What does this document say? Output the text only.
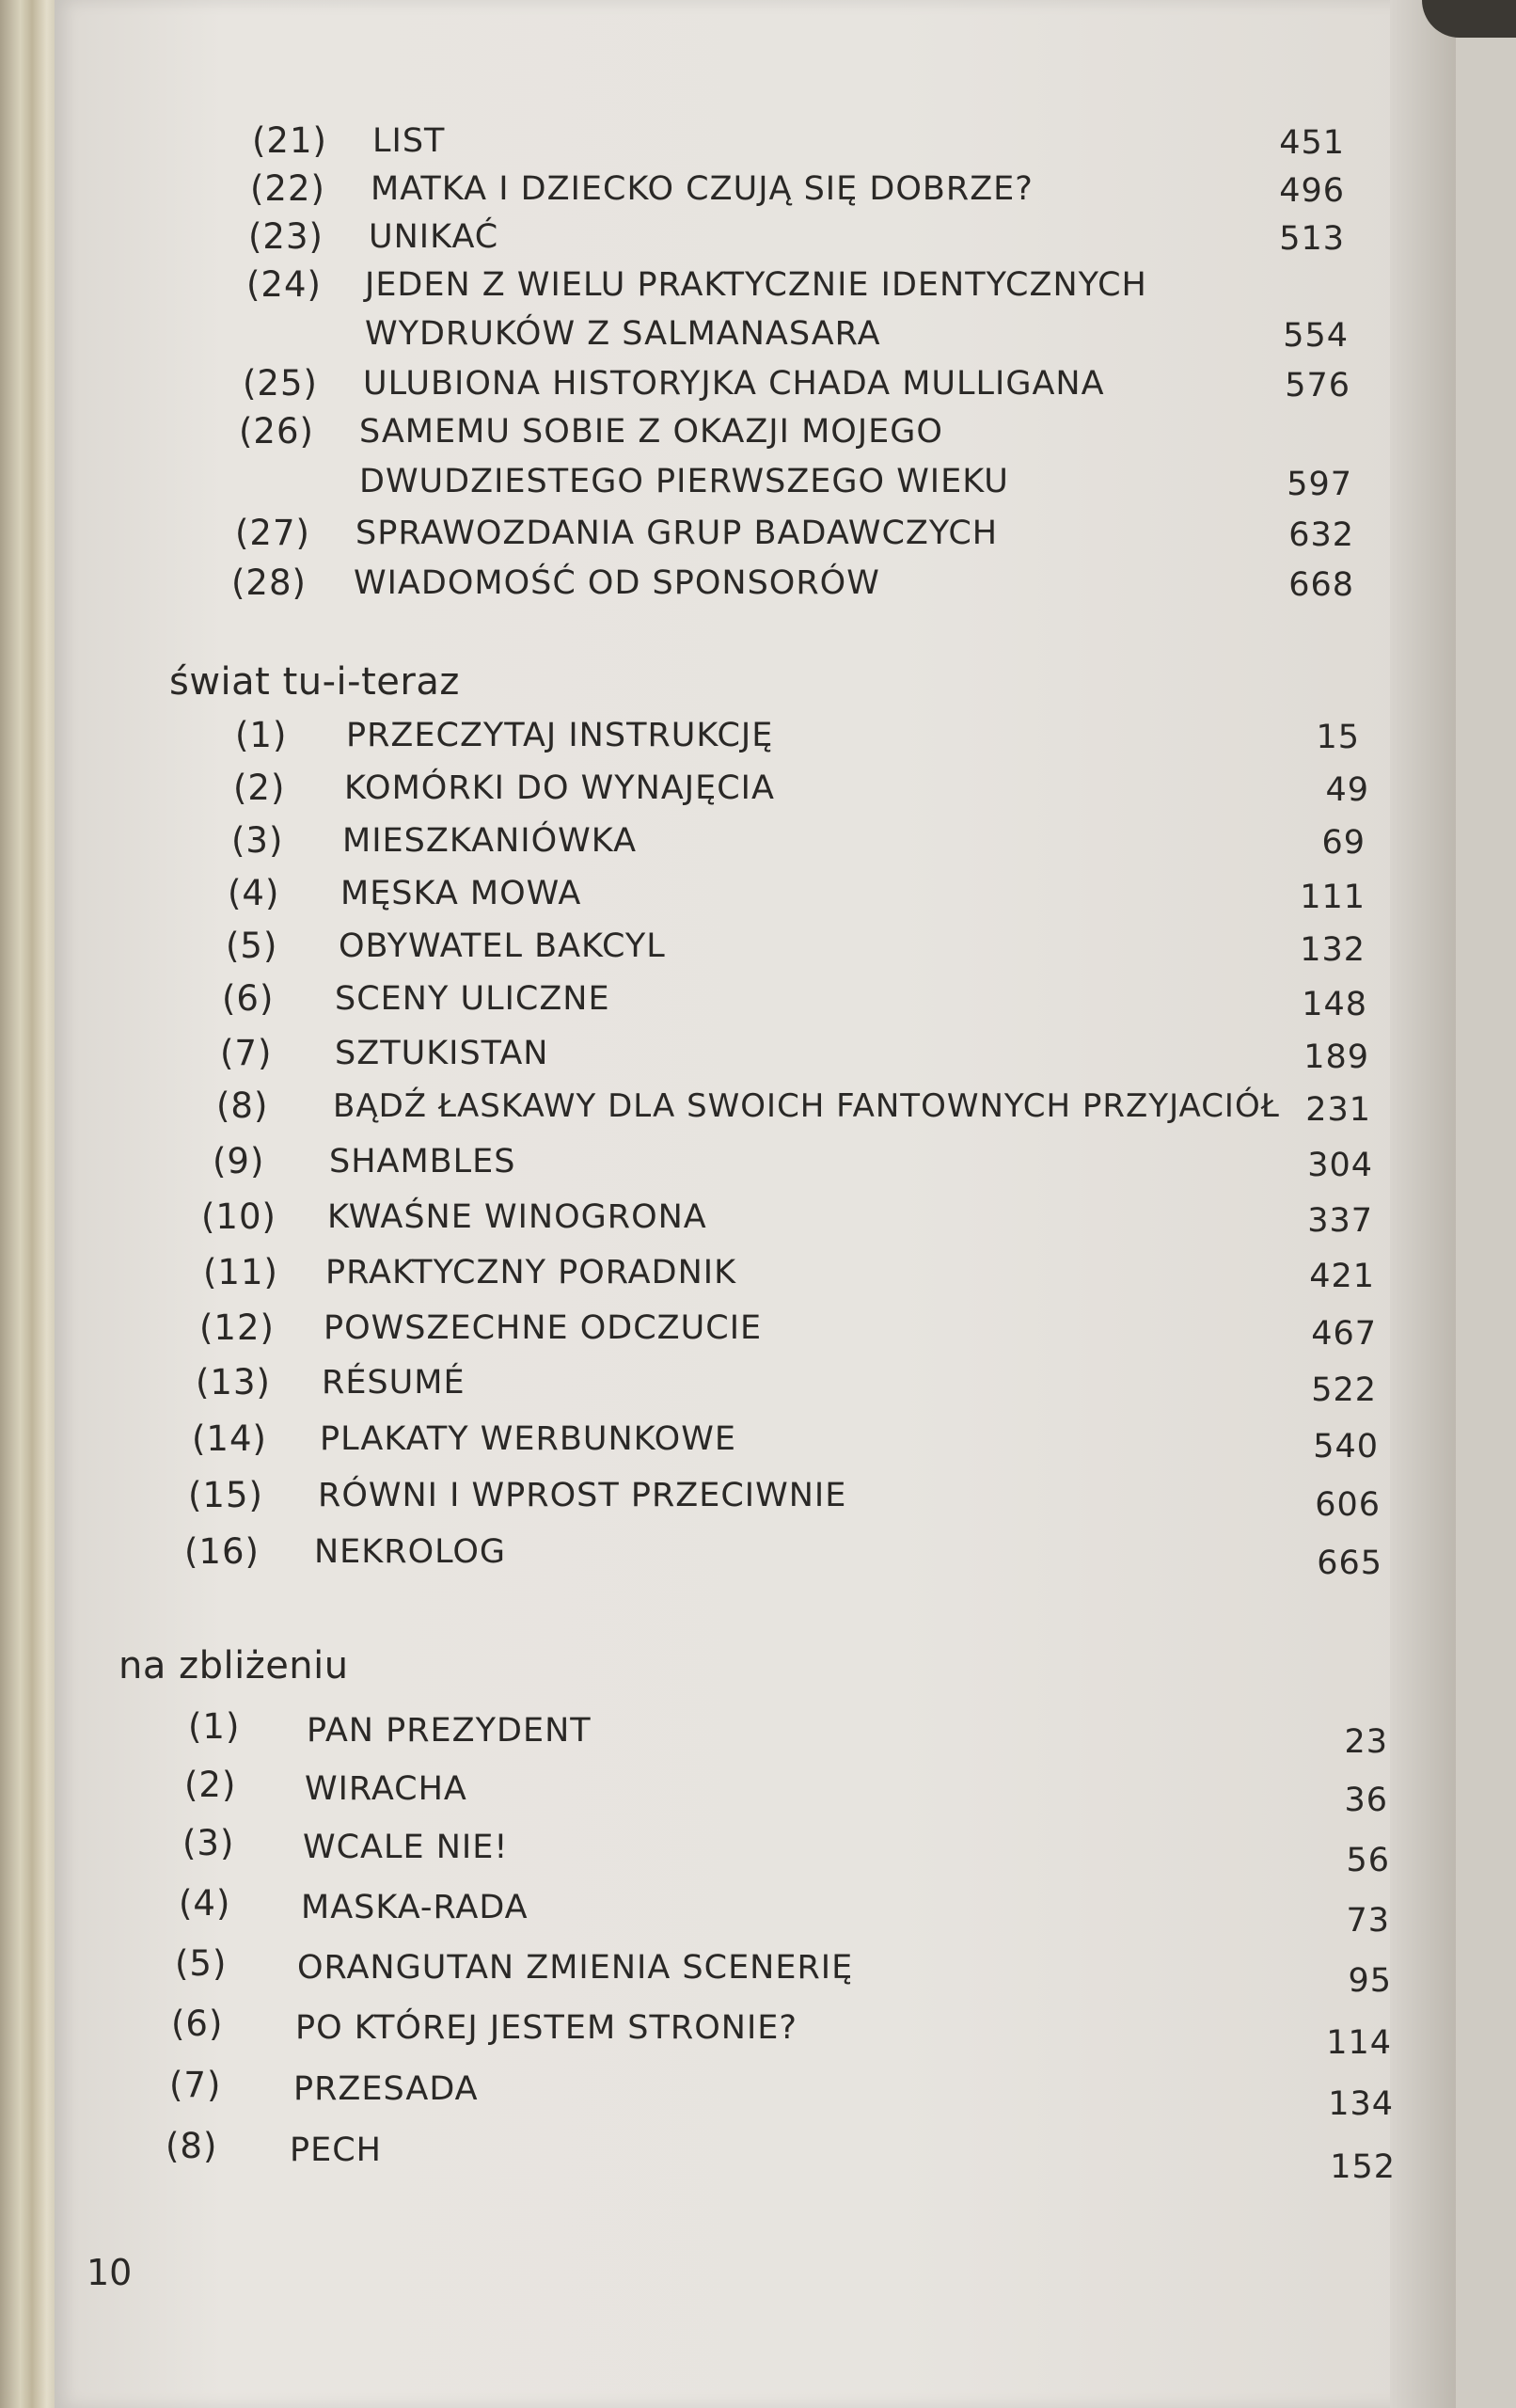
(21) LIST	451
(22) MATKA I DZIECKO CZUJĄ SIĘ DOBRZE?	496
(23) UNIKAĆ	513
(24) JEDEN Z WIELU PRAKTYCZNIE IDENTYCZNYCH
WYDRUKÓW Z SALMANASARA	554
(25) ULUBIONA HISTORYJKA CHADA MULLIGANA	576
(26) SAMEMU SOBIE Z OKAZJI MOJEGO
DWUDZIESTEGO PIERWSZEGO WIEKU	597
(27) SPRAWOZDANIA GRUP BADAWCZYCH	632
(28) WIADOMOŚĆ OD SPONSORÓW	668
świat tu-i-teraz
(1) PRZECZYTAJ INSTRUKCJĘ	15
(2) KOMÓRKI DO WYNAJĘCIA	49
(3) MIESZKANIÓWKA	69
(4) MĘSKA MOWA	111
(5) OBYWATEL BAKCYL	132
(6) SCENY ULICZNE	148
(7) SZTUKISTAN	189
(8) BĄDŹ ŁASKAWY DLA SWOICH FANTOWNYCH PRZYJACIÓŁ 231
(9) SHAMBLES	304
(10) KWAŚNE WINOGRONA	337
(11) PRAKTYCZNY PORADNIK	421
(12) POWSZECHNE ODCZUCIE	467
(13) RÉSUMÉ	522
(14) PLAKATY WERBUNKOWE	540
(15) RÓWNI I WPROST PRZECIWNIE	606
(16) NEKROLOG	665
na zbliżeniu
(1) PAN PREZYDENT	23
(2) WIRACHA	36
(3) WCALE NIE!	56
(4) MASKA-RADA	73
(5) ORANGUTAN ZMIENIA SCENERIĘ	95
(6) PO KTÓREJ JESTEM STRONIE?	114
(7) PRZESADA	134
(8) PECH	152
10
